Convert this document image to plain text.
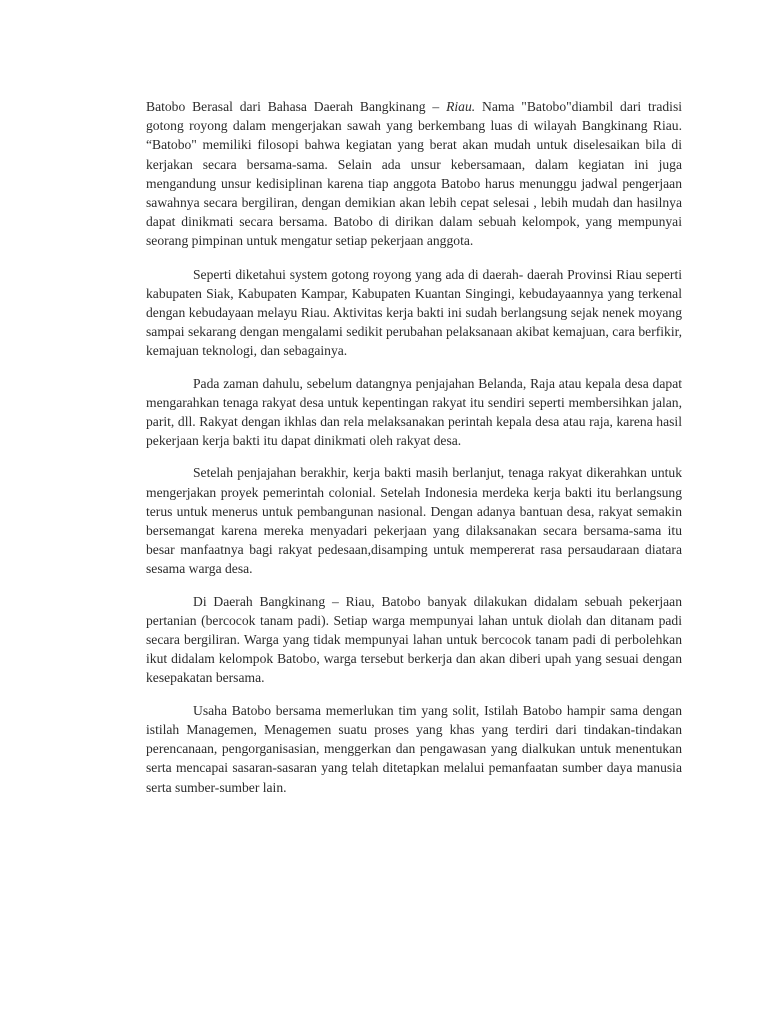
Batobo Berasal dari Bahasa Daerah Bangkinang – Riau. Nama "Batobo"diambil dari tradisi gotong royong dalam mengerjakan sawah yang berkembang luas di wilayah Bangkinang Riau. “Batobo" memiliki filosopi bahwa kegiatan yang berat akan mudah untuk diselesaikan bila di kerjakan secara bersama-sama. Selain ada unsur kebersamaan, dalam kegiatan ini juga mengandung unsur kedisiplinan karena tiap anggota Batobo harus menunggu jadwal pengerjaan sawahnya secara bergiliran, dengan demikian akan lebih cepat selesai , lebih mudah dan hasilnya dapat dinikmati secara bersama. Batobo di dirikan dalam sebuah kelompok, yang mempunyai seorang pimpinan untuk mengatur setiap pekerjaan anggota.

Seperti diketahui system gotong royong yang ada di daerah- daerah Provinsi Riau seperti kabupaten Siak, Kabupaten Kampar, Kabupaten Kuantan Singingi, kebudayaannya yang terkenal dengan kebudayaan melayu Riau. Aktivitas kerja bakti ini sudah berlangsung sejak nenek moyang sampai sekarang dengan mengalami sedikit perubahan pelaksanaan akibat kemajuan, cara berfikir, kemajuan teknologi, dan sebagainya.

Pada zaman dahulu, sebelum datangnya penjajahan Belanda, Raja atau kepala desa dapat mengarahkan tenaga rakyat desa untuk kepentingan rakyat itu sendiri seperti membersihkan jalan, parit, dll. Rakyat dengan ikhlas dan rela melaksanakan perintah kepala desa atau raja, karena hasil pekerjaan kerja bakti itu dapat dinikmati oleh rakyat desa.

Setelah penjajahan berakhir, kerja bakti masih berlanjut, tenaga rakyat dikerahkan untuk mengerjakan proyek pemerintah colonial. Setelah Indonesia merdeka kerja bakti itu berlangsung terus untuk menerus untuk pembangunan nasional. Dengan adanya bantuan desa, rakyat semakin bersemangat karena mereka menyadari pekerjaan yang dilaksanakan secara bersama-sama itu besar manfaatnya bagi rakyat pedesaan,disamping untuk mempererat rasa persaudaraan diatara sesama warga desa.

Di Daerah Bangkinang – Riau, Batobo banyak dilakukan didalam sebuah pekerjaan pertanian (bercocok tanam padi). Setiap warga mempunyai lahan untuk diolah dan ditanam padi secara bergiliran. Warga yang tidak mempunyai lahan untuk bercocok tanam padi di perbolehkan ikut didalam kelompok Batobo, warga tersebut berkerja dan akan diberi upah yang sesuai dengan kesepakatan bersama.

Usaha Batobo bersama memerlukan tim yang solit, Istilah Batobo hampir sama dengan istilah Managemen, Menagemen suatu proses yang khas yang terdiri dari tindakan-tindakan perencanaan, pengorganisasian, menggerkan dan pengawasan yang dialkukan untuk menentukan serta mencapai sasaran-sasaran yang telah ditetapkan melalui pemanfaatan sumber daya manusia serta sumber-sumber lain.
